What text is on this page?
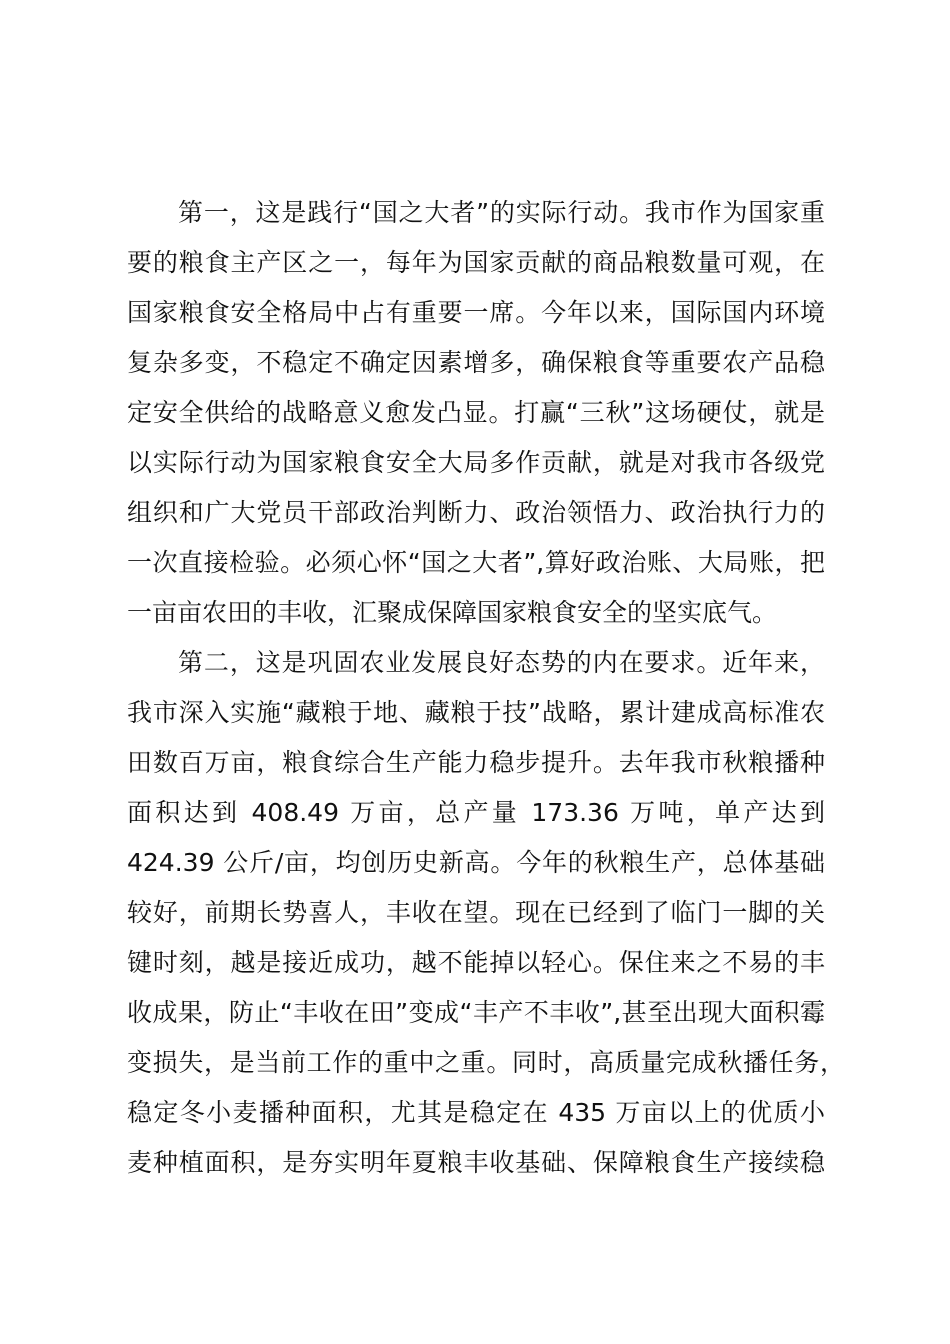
第一，这是践行“国之大者”的实际行动。我市作为国家重
要的粮食主产区之一，每年为国家贡献的商品粮数量可观，在
国家粮食安全格局中占有重要一席。今年以来，国际国内环境
复杂多变，不稳定不确定因素增多，确保粮食等重要农产品稳
定安全供给的战略意义愈发凸显。打赢“三秋”这场硬仗，就是
以实际行动为国家粮食安全大局多作贡献，就是对我市各级党
组织和广大党员干部政治判断力、政治领悟力、政治执行力的
一次直接检验。必须心怀“国之大者”,算好政治账、大局账，把
一亩亩农田的丰收，汇聚成保障国家粮食安全的坚实底气。
第二，这是巩固农业发展良好态势的内在要求。近年来，
我市深入实施“藏粮于地、藏粮于技”战略，累计建成高标准农
田数百万亩，粮食综合生产能力稳步提升。去年我市秋粮播种
面积达到 408.49 万亩，总产量 173.36 万吨，单产达到
424.39 公斤/亩，均创历史新高。今年的秋粮生产，总体基础
较好，前期长势喜人，丰收在望。现在已经到了临门一脚的关
键时刻，越是接近成功，越不能掉以轻心。保住来之不易的丰
收成果，防止“丰收在田”变成“丰产不丰收”,甚至出现大面积霉
变损失，是当前工作的重中之重。同时，高质量完成秋播任务，
稳定冬小麦播种面积，尤其是稳定在 435 万亩以上的优质小
麦种植面积，是夯实明年夏粮丰收基础、保障粮食生产接续稳
